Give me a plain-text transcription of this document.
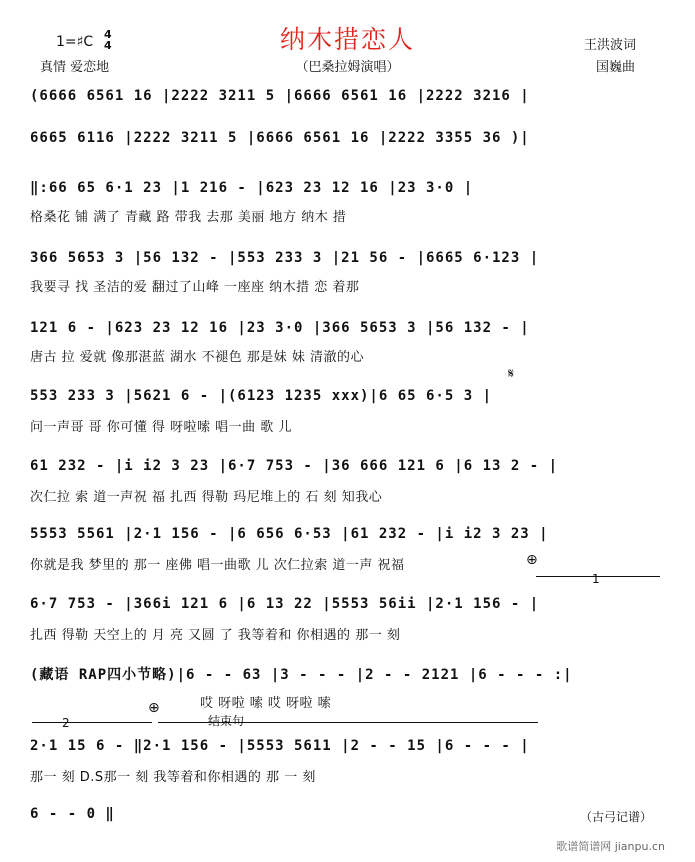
纳木措恋人
1=♯C 4
4
真情 爱恋地	（巴桑拉姆演唱）
王洪波词
国巍曲
(6666 6561 16 |2222 3211 5 |6666 6561 16 |2222 3216 |
6665 6116 |2222 3211 5 |6666 6561 16 |2222 3355 36 )|
‖:66 65 6·1 23 |1 216 - |623 23 12 16 |23 3·0 |
格桑花 铺 满了 青藏 路 带我 去那 美丽 地方 纳木 措
366 5653 3 |56 132 - |553 233 3 |21 56 - |6665 6·123 |
我要寻 找 圣洁的爱 翻过了山峰 一座座 纳木措 恋 着那
121 6 - |623 23 12 16 |23 3·0 |366 5653 3 |56 132 - |
唐古 拉 爱就 像那湛蓝 湖水 不褪色 那是妹 妹 清澈的心
𝄋
553 233 3 |5621 6 - |(6123 1235 xxx)|6 65 6·5 3 |
问一声哥 哥 你可懂 得 呀啦嗦 唱一曲 歌 儿
61 232 - |i i2 3 23 |6·7 753 - |36 666 121 6 |6 13 2 - |
次仁拉 索 道一声祝 福 扎西 得勒 玛尼堆上的 石 刻 知我心
5553 5561 |2·1 156 - |6 656 6·53 |61 232 - |i i2 3 23 |
你就是我 梦里的 那一 座佛 唱一曲歌 儿 次仁拉索 道一声 祝福	⊕
1
6·7 753 - |366i 121 6 |6 13 22 |5553 56ii |2·1 156 - |
扎西 得勒 天空上的 月 亮 又圆 了 我等着和 你相遇的 那一 刻
(藏语 RAP四小节略)|6 - - 63 |3 - - - |2 - - 2121 |6 - - - :|
哎 呀啦 嗦 哎 呀啦 嗦
2
⊕
结束句
2·1 15 6 - ‖2·1 156 - |5553 5611 |2 - - 15 |6 - - - |
那一 刻 D.S那一 刻 我等着和你相遇的 那 一 刻
6 - - 0 ‖	（古弓记谱）
歌谱简谱网 jianpu.cn
